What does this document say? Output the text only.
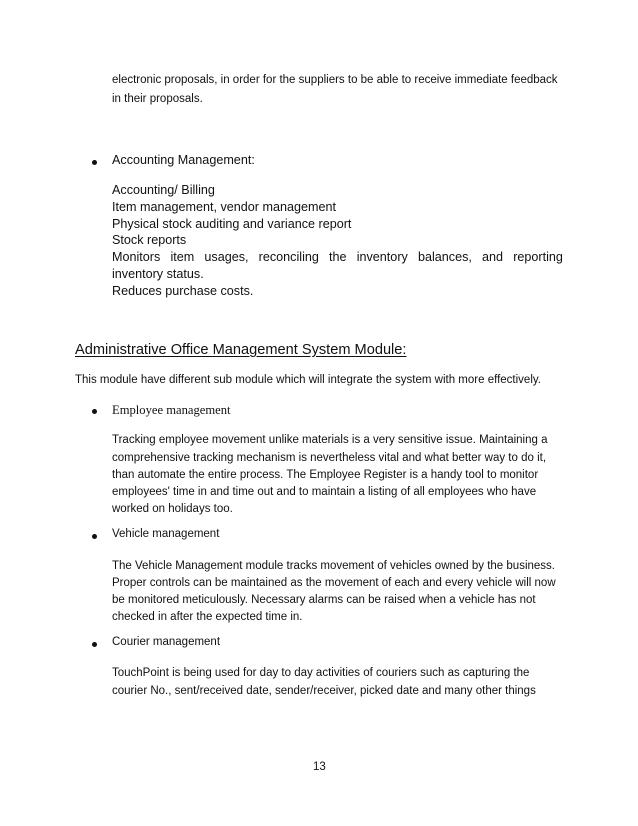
electronic proposals, in order for the suppliers to be able to receive immediate feedback
in their proposals.
Accounting Management:
Accounting/ Billing
Item management, vendor management
Physical stock auditing and variance report
Stock reports
Monitors item usages, reconciling the inventory balances, and reporting
inventory status.
Reduces purchase costs.
Administrative Office Management System Module:
This module have different sub module which will integrate the system with more effectively.
Employee management
Tracking employee movement unlike materials is a very sensitive issue. Maintaining a
comprehensive tracking mechanism is nevertheless vital and what better way to do it,
than automate the entire process. The Employee Register is a handy tool to monitor
employees' time in and time out and to maintain a listing of all employees who have
worked on holidays too.
Vehicle management
The Vehicle Management module tracks movement of vehicles owned by the business.
Proper controls can be maintained as the movement of each and every vehicle will now
be monitored meticulously. Necessary alarms can be raised when a vehicle has not
checked in after the expected time in.
Courier management
TouchPoint is being used for day to day activities of couriers such as capturing the
courier No., sent/received date, sender/receiver, picked date and many other things
13
